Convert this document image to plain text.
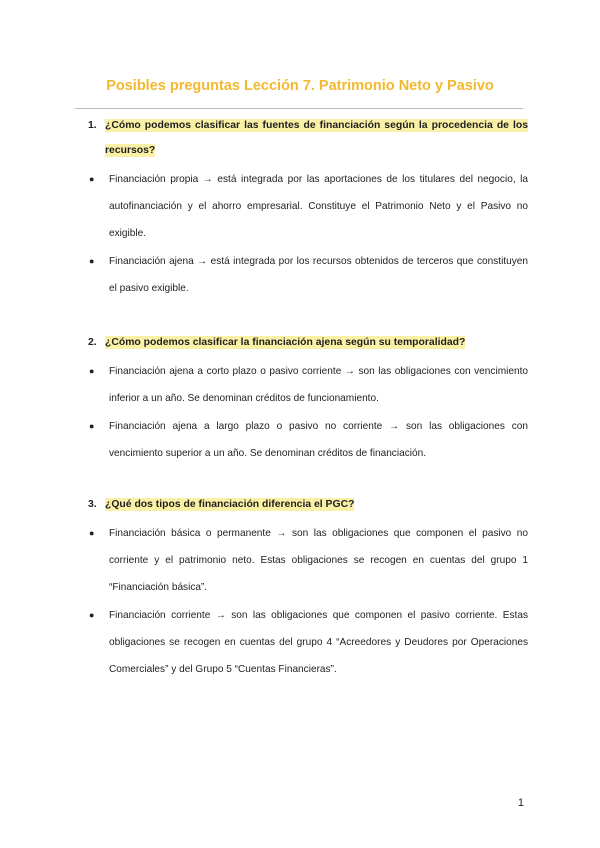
Posibles preguntas Lección 7. Patrimonio Neto y Pasivo
1. ¿Cómo podemos clasificar las fuentes de financiación según la procedencia de los recursos?
● Financiación propia → está integrada por las aportaciones de los titulares del negocio, la autofinanciación y el ahorro empresarial. Constituye el Patrimonio Neto y el Pasivo no exigible.
● Financiación ajena → está integrada por los recursos obtenidos de terceros que constituyen el pasivo exigible.
2. ¿Cómo podemos clasificar la financiación ajena según su temporalidad?
● Financiación ajena a corto plazo o pasivo corriente → son las obligaciones con vencimiento inferior a un año. Se denominan créditos de funcionamiento.
● Financiación ajena a largo plazo o pasivo no corriente → son las obligaciones con vencimiento superior a un año. Se denominan créditos de financiación.
3. ¿Qué dos tipos de financiación diferencia el PGC?
● Financiación básica o permanente → son las obligaciones que componen el pasivo no corriente y el patrimonio neto. Estas obligaciones se recogen en cuentas del grupo 1 “Financiación básica”.
● Financiación corriente → son las obligaciones que componen el pasivo corriente. Estas obligaciones se recogen en cuentas del grupo 4 “Acreedores y Deudores por Operaciones Comerciales” y del Grupo 5 “Cuentas Financieras”.
1
